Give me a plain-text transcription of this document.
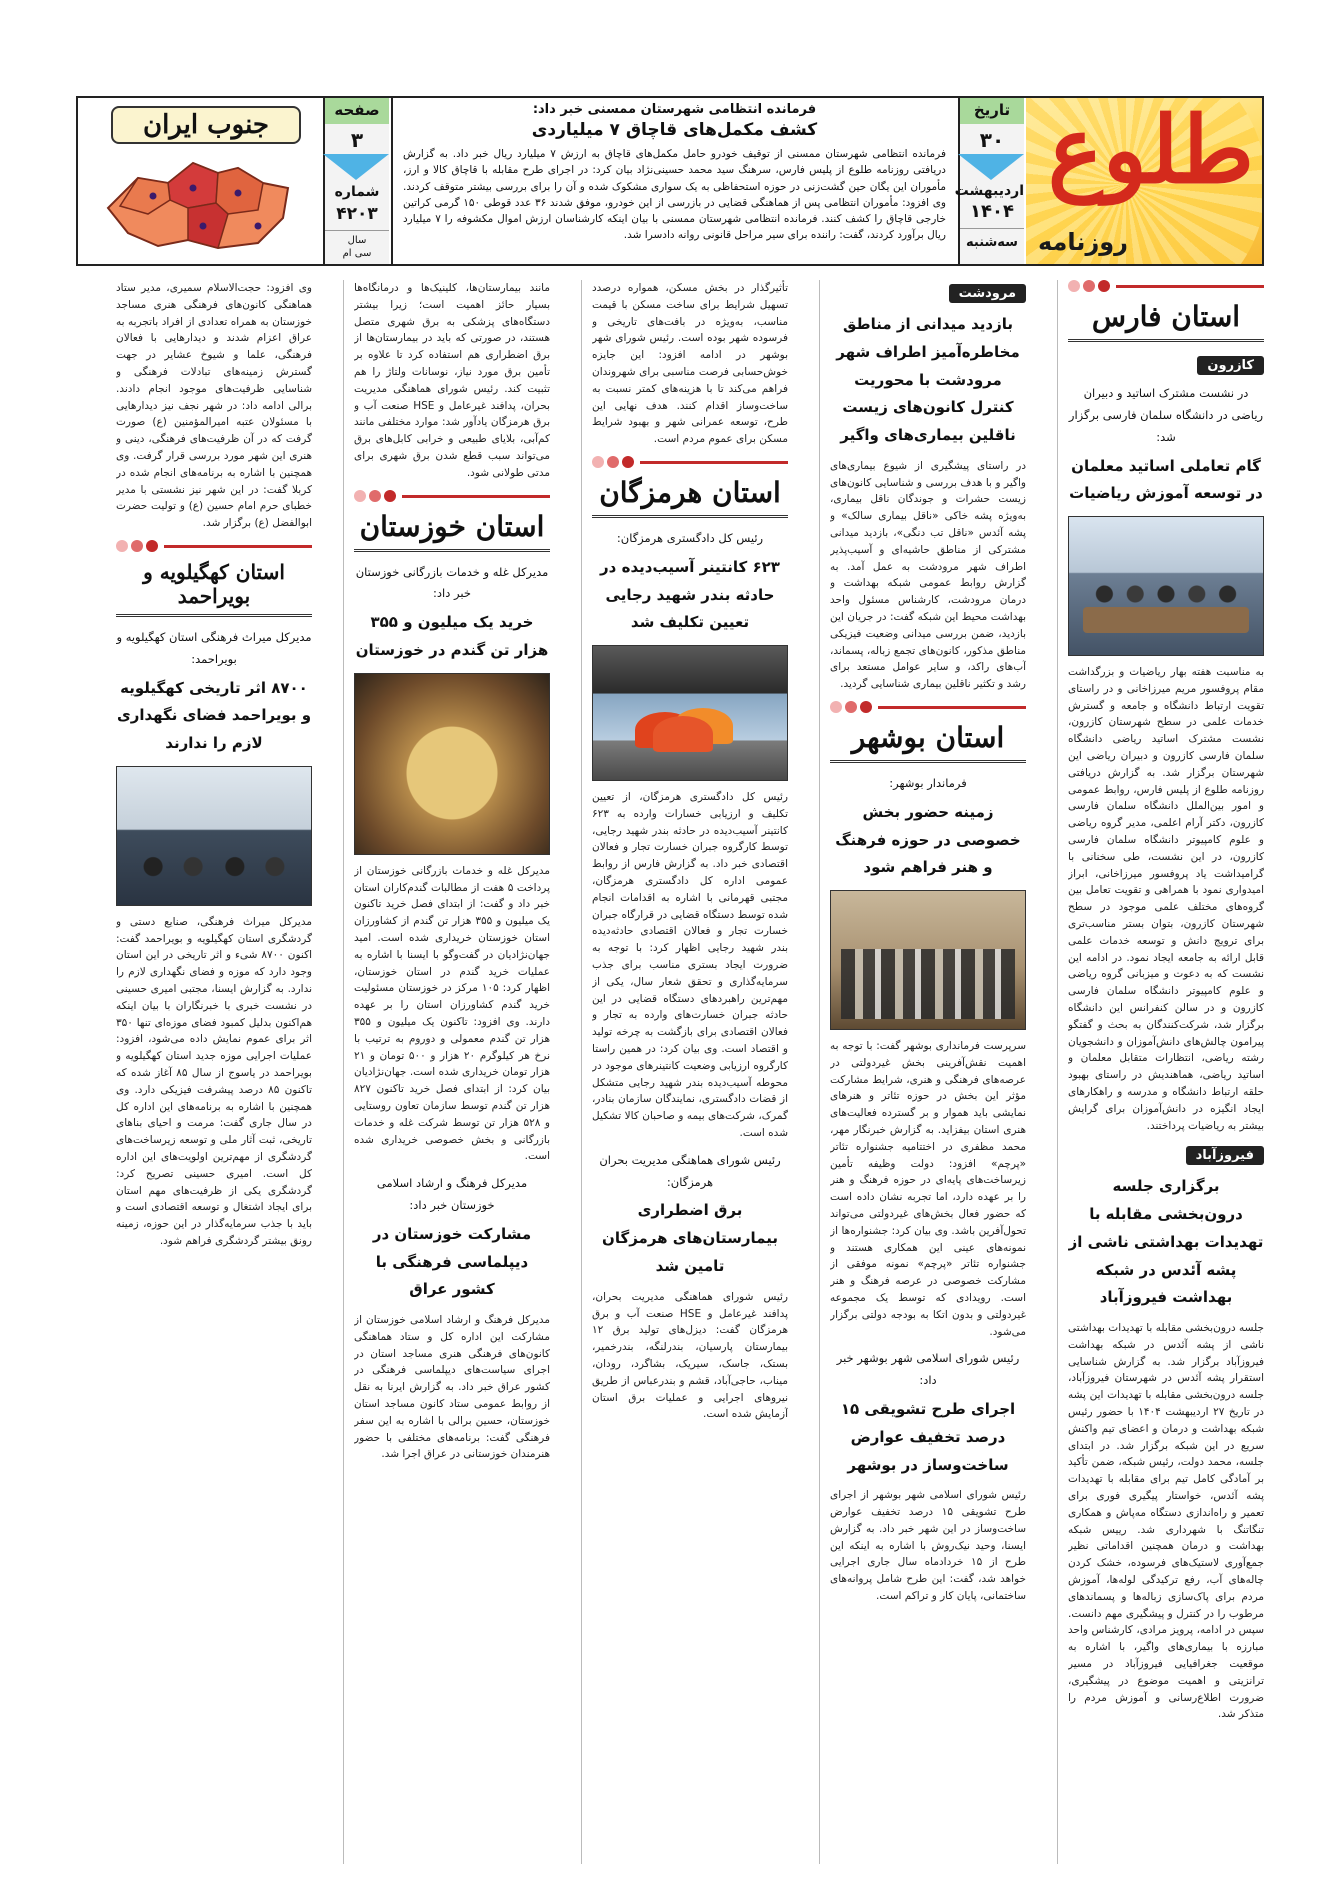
طلوع
روزنامه
تاریخ
۳۰
اردیبهشت
۱۴۰۴
سه‌شنبه
فرمانده انتظامی شهرستان ممسنی خبر داد:
کشف مکمل‌های قاچاق ۷ میلیاردی
فرمانده انتظامی شهرستان ممسنی از توقیف خودرو حامل مکمل‌های قاچاق به ارزش ۷ میلیارد ریال خبر داد. به گزارش دریافتی روزنامه طلوع از پلیس فارس، سرهنگ سید محمد حسینی‌نژاد بیان کرد: در اجرای طرح مقابله با قاچاق کالا و ارز، مأموران این یگان حین گشت‌زنی در حوزه استحفاظی به یک سواری مشکوک شده و آن را برای بررسی بیشتر متوقف کردند. وی افزود: مأموران انتظامی پس از هماهنگی قضایی در بازرسی از این خودرو، موفق شدند ۳۶ عدد قوطی ۱۵۰ گرمی کراتین خارجی قاچاق را کشف کنند. فرمانده انتظامی شهرستان ممسنی با بیان اینکه کارشناسان ارزش اموال مکشوفه را ۷ میلیارد ریال برآورد کردند، گفت: راننده برای سیر مراحل قانونی روانه دادسرا شد.
صفحه
۳
شماره
۴۲۰۳
سال
سی ام
جنوب ایران
استان فارس
کازرون
در نشست مشترک اساتید و دبیران ریاضی در دانشگاه سلمان فارسی برگزار شد:
گام تعاملی اساتید معلمان در توسعه آموزش ریاضیات
به مناسبت هفته بهار ریاضیات و بزرگداشت مقام پروفسور مریم میرزاخانی و در راستای تقویت ارتباط دانشگاه و جامعه و گسترش خدمات علمی در سطح شهرستان کازرون، نشست مشترک اساتید ریاضی دانشگاه سلمان فارسی کازرون و دبیران ریاضی این شهرستان برگزار شد. به گزارش دریافتی روزنامه طلوع از پلیس فارس، روابط عمومی و امور بین‌الملل دانشگاه سلمان فارسی کازرون، دکتر آرام اعلمی، مدیر گروه ریاضی و علوم کامپیوتر دانشگاه سلمان فارسی کازرون، در این نشست، طی سخنانی با گرامیداشت یاد پروفسور میرزاخانی، ابراز امیدواری نمود با همراهی و تقویت تعامل بین گروه‌های مختلف علمی موجود در سطح شهرستان کازرون، بتوان بستر مناسب‌تری برای ترویج دانش و توسعه خدمات علمی قابل ارائه به جامعه ایجاد نمود. در ادامه این نشست که به دعوت و میزبانی گروه ریاضی و علوم کامپیوتر دانشگاه سلمان فارسی کازرون و در سالن کنفرانس این دانشگاه برگزار شد، شرکت‌کنندگان به بحث و گفتگو پیرامون چالش‌های دانش‌آموزان و دانشجویان رشته ریاضی، انتظارات متقابل معلمان و اساتید ریاضی، هماهندیش در راستای بهبود حلقه ارتباط دانشگاه و مدرسه و راهکارهای ایجاد انگیزه در دانش‌آموزان برای گرایش بیشتر به ریاضیات پرداختند.
فیروزآباد
برگزاری جلسه درون‌بخشی مقابله با تهدیدات بهداشتی ناشی از پشه آئدس در شبکه بهداشت فیروزآباد
جلسه درون‌بخشی مقابله با تهدیدات بهداشتی ناشی از پشه آئدس در شبکه بهداشت فیروزآباد برگزار شد. به گزارش شناسایی استقرار پشه آئدس در شهرستان فیروزآباد، جلسه درون‌بخشی مقابله با تهدیدات این پشه در تاریخ ۲۷ اردیبهشت ۱۴۰۴ با حضور رئیس شبکه بهداشت و درمان و اعضای تیم واکنش سریع در این شبکه برگزار شد. در ابتدای جلسه، محمد دولت، رئیس شبکه، ضمن تأکید بر آمادگی کامل تیم برای مقابله با تهدیدات پشه آئدس، خواستار پیگیری فوری برای تعمیر و راه‌اندازی دستگاه مه‌پاش و همکاری تنگاتنگ با شهرداری شد. رییس شبکه بهداشت و درمان همچنین اقداماتی نظیر جمع‌آوری لاستیک‌های فرسوده، خشک کردن چاله‌های آب، رفع ترکیدگی لوله‌ها، آموزش مردم برای پاک‌سازی زباله‌ها و پسماندهای مرطوب را در کنترل و پیشگیری مهم دانست. سپس در ادامه، پرویز مرادی، کارشناس واحد مبارزه با بیماری‌های واگیر، با اشاره به موقعیت جغرافیایی فیروزآباد در مسیر ترانزیتی و اهمیت موضوع در پیشگیری، ضرورت اطلاع‌رسانی و آموزش مردم را متذکر شد.
مرودشت
بازدید میدانی از مناطق مخاطره‌آمیز اطراف شهر مرودشت با محوریت کنترل کانون‌های زیست ناقلین بیماری‌های واگیر
در راستای پیشگیری از شیوع بیماری‌های واگیر و با هدف بررسی و شناسایی کانون‌های زیست حشرات و جوندگان ناقل بیماری، به‌ویژه پشه خاکی «ناقل بیماری سالک» و پشه آئدس «ناقل تب دنگی»، بازدید میدانی مشترکی از مناطق حاشیه‌ای و آسیب‌پذیر اطراف شهر مرودشت به عمل آمد. به گزارش روابط عمومی شبکه بهداشت و درمان مرودشت، کارشناس مسئول واحد بهداشت محیط این شبکه گفت: در جریان این بازدید، ضمن بررسی میدانی وضعیت فیزیکی مناطق مذکور، کانون‌های تجمع زباله، پسماند، آب‌های راکد، و سایر عوامل مستعد برای رشد و تکثیر ناقلین بیماری شناسایی گردید.
استان بوشهر
فرماندار بوشهر:
زمینه حضور بخش خصوصی در حوزه فرهنگ و هنر فراهم شود
سرپرست فرمانداری بوشهر گفت: با توجه به اهمیت نقش‌آفرینی بخش غیردولتی در عرصه‌های فرهنگی و هنری، شرایط مشارکت مؤثر این بخش در حوزه تئاتر و هنرهای نمایشی باید هموار و بر گسترده فعالیت‌های هنری استان بیفزاید. به گزارش خبرنگار مهر، محمد مظفری در اختتامیه جشنواره تئاتر «پرچم» افزود: دولت وظیفه تأمین زیرساخت‌های پایه‌ای در حوزه فرهنگ و هنر را بر عهده دارد، اما تجربه نشان داده است که حضور فعال بخش‌های غیردولتی می‌تواند تحول‌آفرین باشد. وی بیان کرد: جشنواره‌ها از نمونه‌های عینی این همکاری هستند و جشنواره تئاتر «پرچم» نمونه موفقی از مشارکت خصوصی در عرصه فرهنگ و هنر است. رویدادی که توسط یک مجموعه غیردولتی و بدون اتکا به بودجه دولتی برگزار می‌شود.
رئیس شورای اسلامی شهر بوشهر خبر داد:
اجرای طرح تشویقی ۱۵ درصد تخفیف عوارض ساخت‌وساز در بوشهر
رئیس شورای اسلامی شهر بوشهر از اجرای طرح تشویقی ۱۵ درصد تخفیف عوارض ساخت‌وساز در این شهر خبر داد. به گزارش ایسنا، وحید نیک‌روش با اشاره به اینکه این طرح از ۱۵ خردادماه سال جاری اجرایی خواهد شد، گفت: این طرح شامل پروانه‌های ساختمانی، پایان کار و تراکم است.
تأثیرگذار در بخش مسکن، همواره درصدد تسهیل شرایط برای ساخت مسکن با قیمت مناسب، به‌ویژه در بافت‌های تاریخی و فرسوده شهر بوده است. رئیس شورای شهر بوشهر در ادامه افزود: این جایزه خوش‌حسابی فرصت مناسبی برای شهروندان فراهم می‌کند تا با هزینه‌های کمتر نسبت به ساخت‌وساز اقدام کنند. هدف نهایی این طرح، توسعه عمرانی شهر و بهبود شرایط مسکن برای عموم مردم است.
استان هرمزگان
رئیس کل دادگستری هرمزگان:
۶۲۳ کانتینر آسیب‌دیده در حادثه بندر شهید رجایی تعیین تکلیف شد
رئیس کل دادگستری هرمزگان، از تعیین تکلیف و ارزیابی خسارات وارده به ۶۲۳ کانتینر آسیب‌دیده در حادثه بندر شهید رجایی، توسط کارگروه جبران خسارت تجار و فعالان اقتصادی خبر داد. به گزارش فارس از روابط عمومی اداره کل دادگستری هرمزگان، مجتبی قهرمانی با اشاره به اقدامات انجام شده توسط دستگاه قضایی در قرارگاه جبران خسارت تجار و فعالان اقتصادی حادثه‌دیده بندر شهید رجایی اظهار کرد: با توجه به ضرورت ایجاد بستری مناسب برای جذب سرمایه‌گذاری و تحقق شعار سال، یکی از مهم‌ترین راهبردهای دستگاه قضایی در این حادثه جبران خسارت‌های وارده به تجار و فعالان اقتصادی برای بازگشت به چرخه تولید و اقتصاد است. وی بیان کرد: در همین راستا کارگروه ارزیابی وضعیت کانتینرهای موجود در محوطه آسیب‌دیده بندر شهید رجایی متشکل از قضات دادگستری، نمایندگان سازمان بنادر، گمرک، شرکت‌های بیمه و صاحبان کالا تشکیل شده است.
رئیس شورای هماهنگی مدیریت بحران هرمزگان:
برق اضطراری بیمارستان‌های هرمزگان تامین شد
رئیس شورای هماهنگی مدیریت بحران، پدافند غیرعامل و HSE صنعت آب و برق هرمزگان گفت: دیزل‌های تولید برق ۱۲ بیمارستان پارسیان، بندرلنگه، بندرخمیر، بستک، جاسک، سیریک، بشاگرد، رودان، میناب، حاجی‌آباد، قشم و بندرعباس از طریق نیروهای اجرایی و عملیات برق استان آزمایش شده است.
مانند بیمارستان‌ها، کلینیک‌ها و درمانگاه‌ها بسیار حائز اهمیت است؛ زیرا بیشتر دستگاه‌های پزشکی به برق شهری متصل هستند، در صورتی که باید در بیمارستان‌ها از برق اضطراری هم استفاده کرد تا علاوه بر تأمین برق مورد نیاز، نوسانات ولتاژ را هم تثبیت کند. رئیس شورای هماهنگی مدیریت بحران، پدافند غیرعامل و HSE صنعت آب و برق هرمزگان یادآور شد: موارد مختلفی مانند کم‌آبی، بلایای طبیعی و خرابی کابل‌های برق می‌تواند سبب قطع شدن برق شهری برای مدتی طولانی شود.
استان خوزستان
مدیرکل غله و خدمات بازرگانی خوزستان خبر داد:
خرید یک میلیون و ۳۵۵ هزار تن گندم در خوزستان
مدیرکل غله و خدمات بازرگانی خوزستان از پرداخت ۵ هفت از مطالبات گندم‌کاران استان خبر داد و گفت: از ابتدای فصل خرید تاکنون یک میلیون و ۳۵۵ هزار تن گندم از کشاورزان استان خوزستان خریداری شده است. امید جهان‌نژادیان در گفت‌وگو با ایسنا با اشاره به عملیات خرید گندم در استان خوزستان، اظهار کرد: ۱۰۵ مرکز در خوزستان مسئولیت خرید گندم کشاورزان استان را بر عهده دارند. وی افزود: تاکنون یک میلیون و ۳۵۵ هزار تن گندم معمولی و دوروم به ترتیب با نرخ هر کیلوگرم ۲۰ هزار و ۵۰۰ تومان و ۲۱ هزار تومان خریداری شده است. جهان‌نژادیان بیان کرد: از ابتدای فصل خرید تاکنون ۸۲۷ هزار تن گندم توسط سازمان تعاون روستایی و ۵۲۸ هزار تن توسط شرکت غله و خدمات بازرگانی و بخش خصوصی خریداری شده است.
مدیرکل فرهنگ و ارشاد اسلامی خوزستان خبر داد:
مشارکت خوزستان در دیپلماسی فرهنگی با کشور عراق
مدیرکل فرهنگ و ارشاد اسلامی خوزستان از مشارکت این اداره کل و ستاد هماهنگی کانون‌های فرهنگی هنری مساجد استان در اجرای سیاست‌های دیپلماسی فرهنگی در کشور عراق خبر داد. به گزارش ایرنا به نقل از روابط عمومی ستاد کانون مساجد استان خوزستان، حسین برالی با اشاره به این سفر فرهنگی گفت: برنامه‌های مختلفی با حضور هنرمندان خوزستانی در عراق اجرا شد.
وی افزود: حجت‌الاسلام سمیری، مدیر ستاد هماهنگی کانون‌های فرهنگی هنری مساجد خوزستان به همراه تعدادی از افراد باتجربه به عراق اعزام شدند و دیدارهایی با فعالان فرهنگی، علما و شیوخ عشایر در جهت گسترش زمینه‌های تبادلات فرهنگی و شناسایی ظرفیت‌های موجود انجام دادند. برالی ادامه داد: در شهر نجف نیز دیدارهایی با مسئولان عتبه امیرالمؤمنین (ع) صورت گرفت که در آن ظرفیت‌های فرهنگی، دینی و هنری این شهر مورد بررسی قرار گرفت. وی همچنین با اشاره به برنامه‌های انجام شده در کربلا گفت: در این شهر نیز نشستی با مدیر خطبای حرم امام حسین (ع) و تولیت حضرت ابوالفضل (ع) برگزار شد.
استان کهگیلویه و بویراحمد
مدیرکل میراث فرهنگی استان کهگیلویه و بویراحمد:
۸۷۰۰ اثر تاریخی کهگیلویه و بویراحمد فضای نگهداری لازم را ندارند
مدیرکل میراث فرهنگی، صنایع دستی و گردشگری استان کهگیلویه و بویراحمد گفت: اکنون ۸۷۰۰ شیء و اثر تاریخی در این استان وجود دارد که موزه و فضای نگهداری لازم را ندارد. به گزارش ایسنا، مجتبی امیری حسینی در نشست خبری با خبرنگاران با بیان اینکه هم‌اکنون بدلیل کمبود فضای موزه‌ای تنها ۳۵۰ اثر برای عموم نمایش داده می‌شود، افزود: عملیات اجرایی موزه جدید استان کهگیلویه و بویراحمد در یاسوج از سال ۸۵ آغاز شده که تاکنون ۸۵ درصد پیشرفت فیزیکی دارد. وی همچنین با اشاره به برنامه‌های این اداره کل در سال جاری گفت: مرمت و احیای بناهای تاریخی، ثبت آثار ملی و توسعه زیرساخت‌های گردشگری از مهم‌ترین اولویت‌های این اداره کل است. امیری حسینی تصریح کرد: گردشگری یکی از ظرفیت‌های مهم استان برای ایجاد اشتغال و توسعه اقتصادی است و باید با جذب سرمایه‌گذار در این حوزه، زمینه رونق بیشتر گردشگری فراهم شود.
